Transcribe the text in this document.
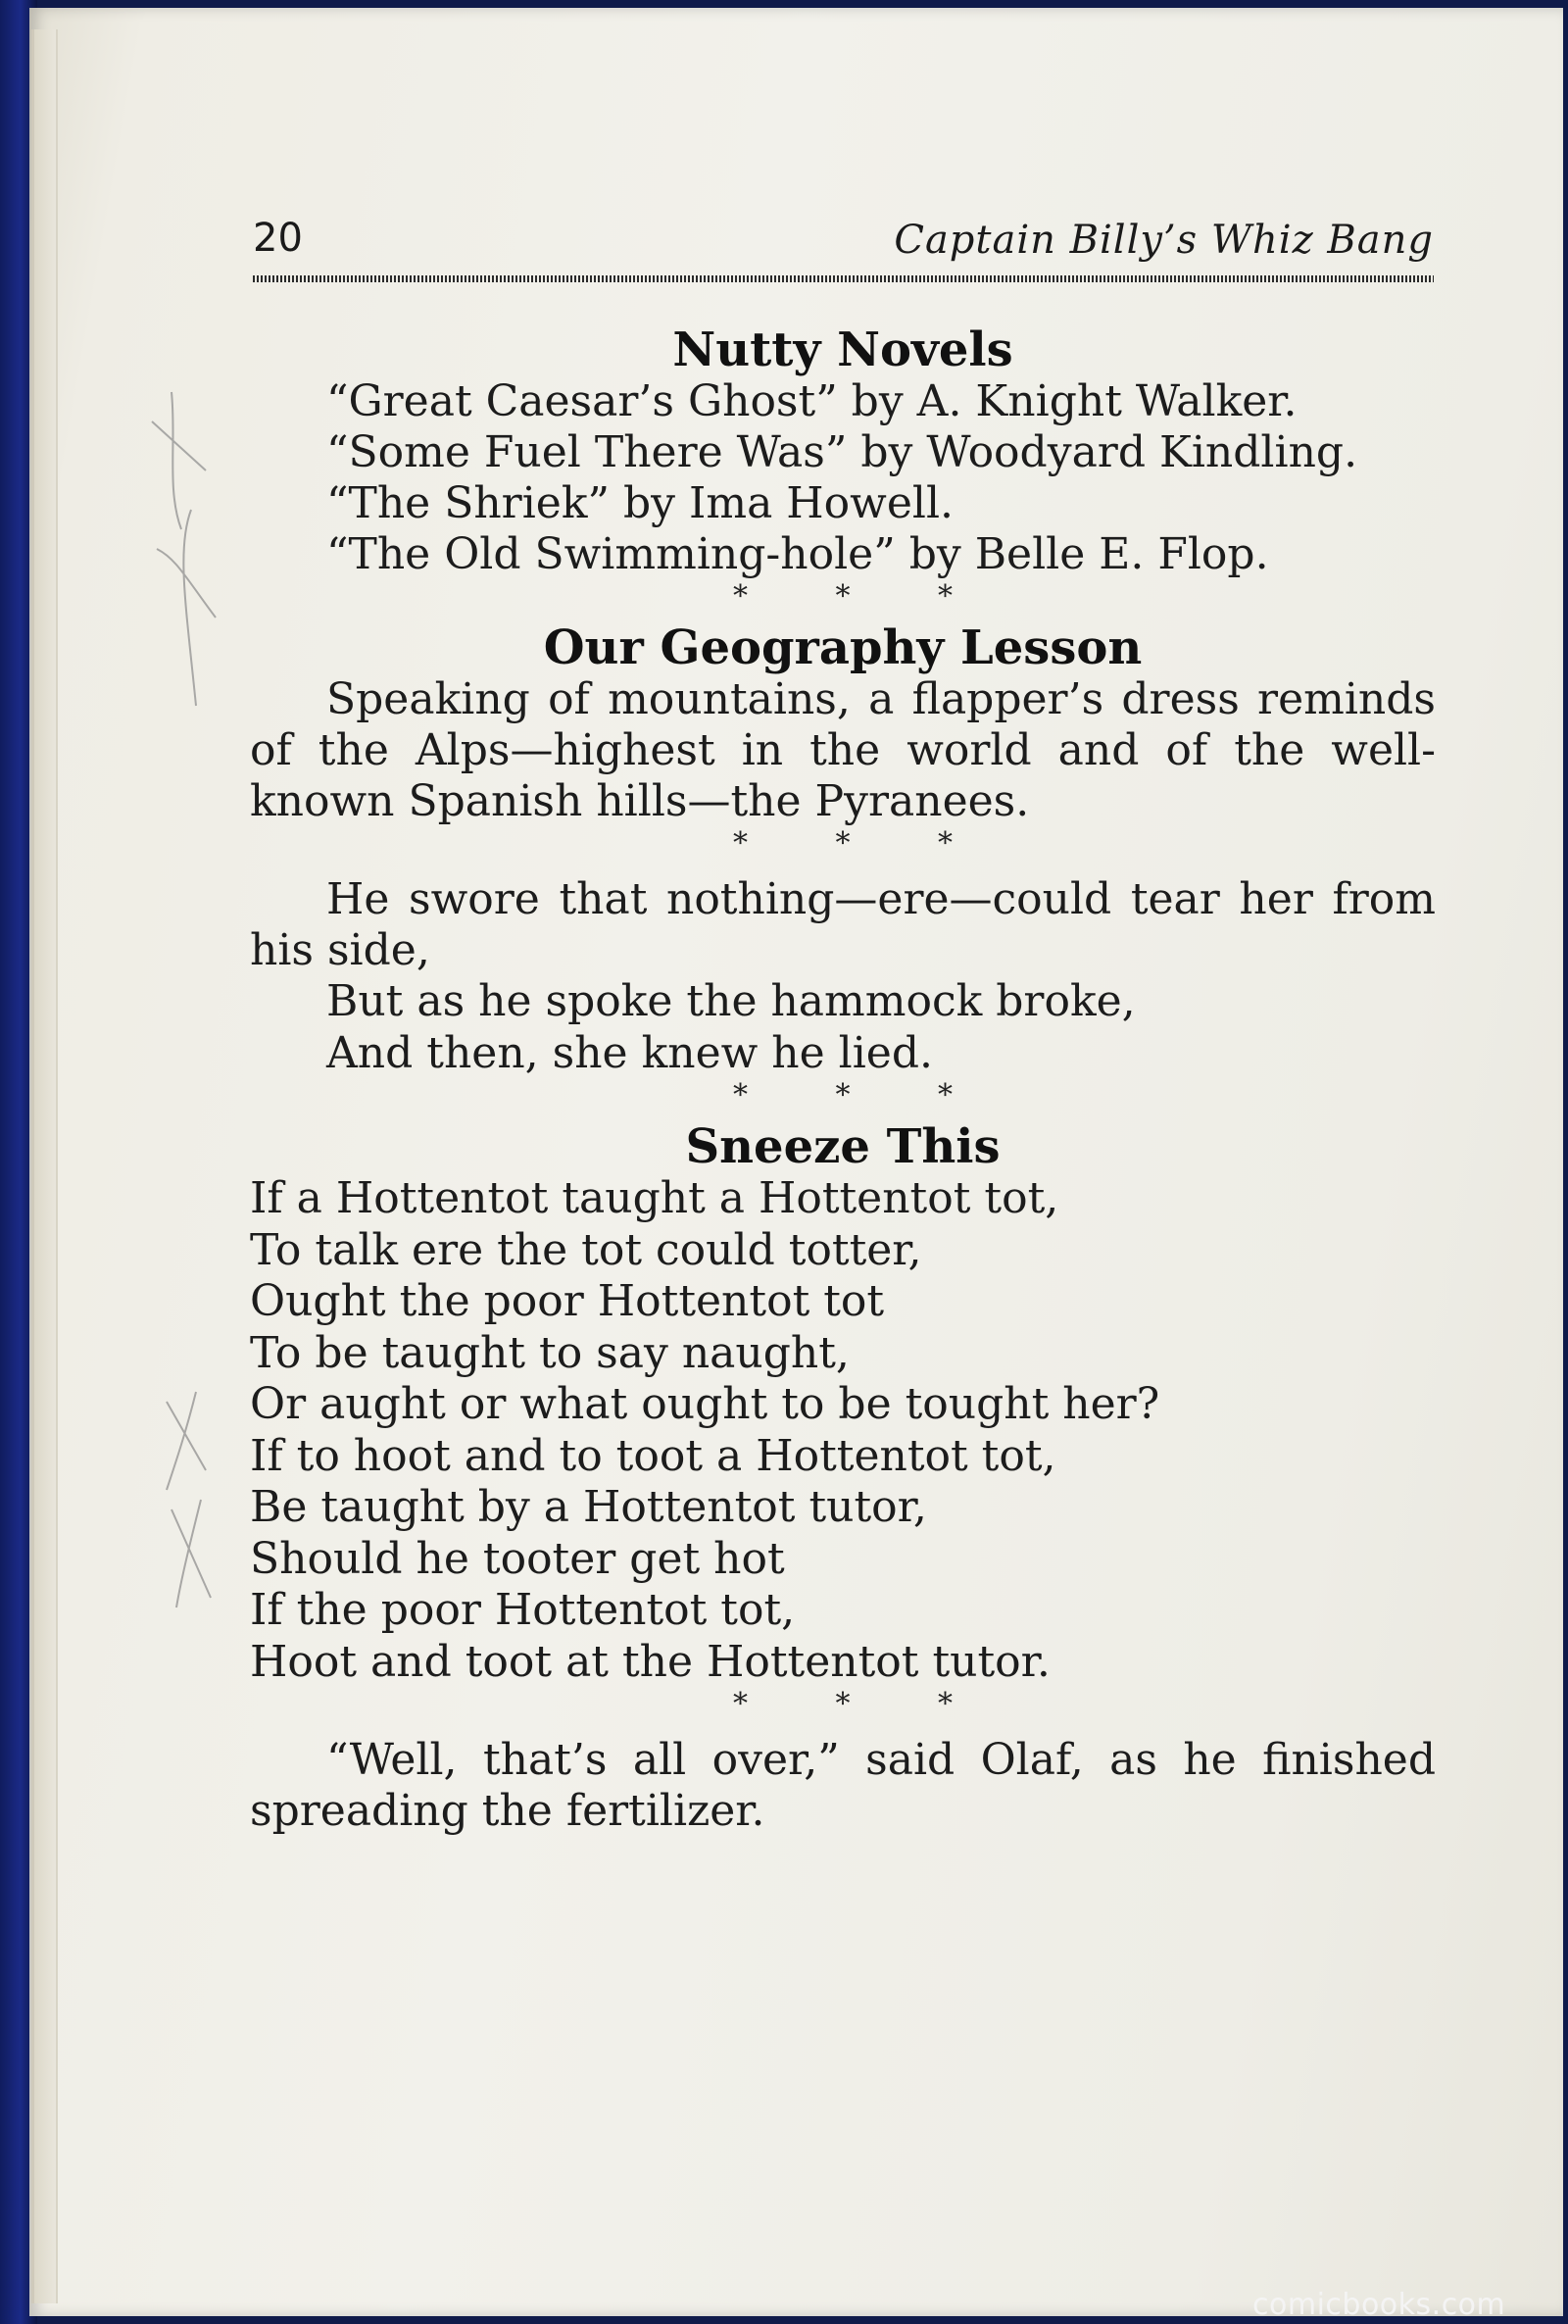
20	Captain Billy’s Whiz Bang
Nutty Novels

“Great Caesar’s Ghost” by A. Knight Walker.

“Some Fuel There Was” by Woodyard Kindling.

“The Shriek” by Ima Howell.

“The Old Swimming-hole” by Belle E. Flop.

* * *

Our Geography Lesson

Speaking of mountains, a flapper’s dress reminds of the Alps—highest in the world and of the well-known Spanish hills—the Pyranees.

* * *

He swore that nothing—ere—could tear her from his side,

But as he spoke the hammock broke,

And then, she knew he lied.

* * *

Sneeze This

If a Hottentot taught a Hottentot tot,

To talk ere the tot could totter,

Ought the poor Hottentot tot

To be taught to say naught,

Or aught or what ought to be tought her?

If to hoot and to toot a Hottentot tot,

Be taught by a Hottentot tutor,

Should he tooter get hot

If the poor Hottentot tot,

Hoot and toot at the Hottentot tutor.

* * *

“Well, that’s all over,” said Olaf, as he finished spreading the fertilizer.

comicbooks.com
